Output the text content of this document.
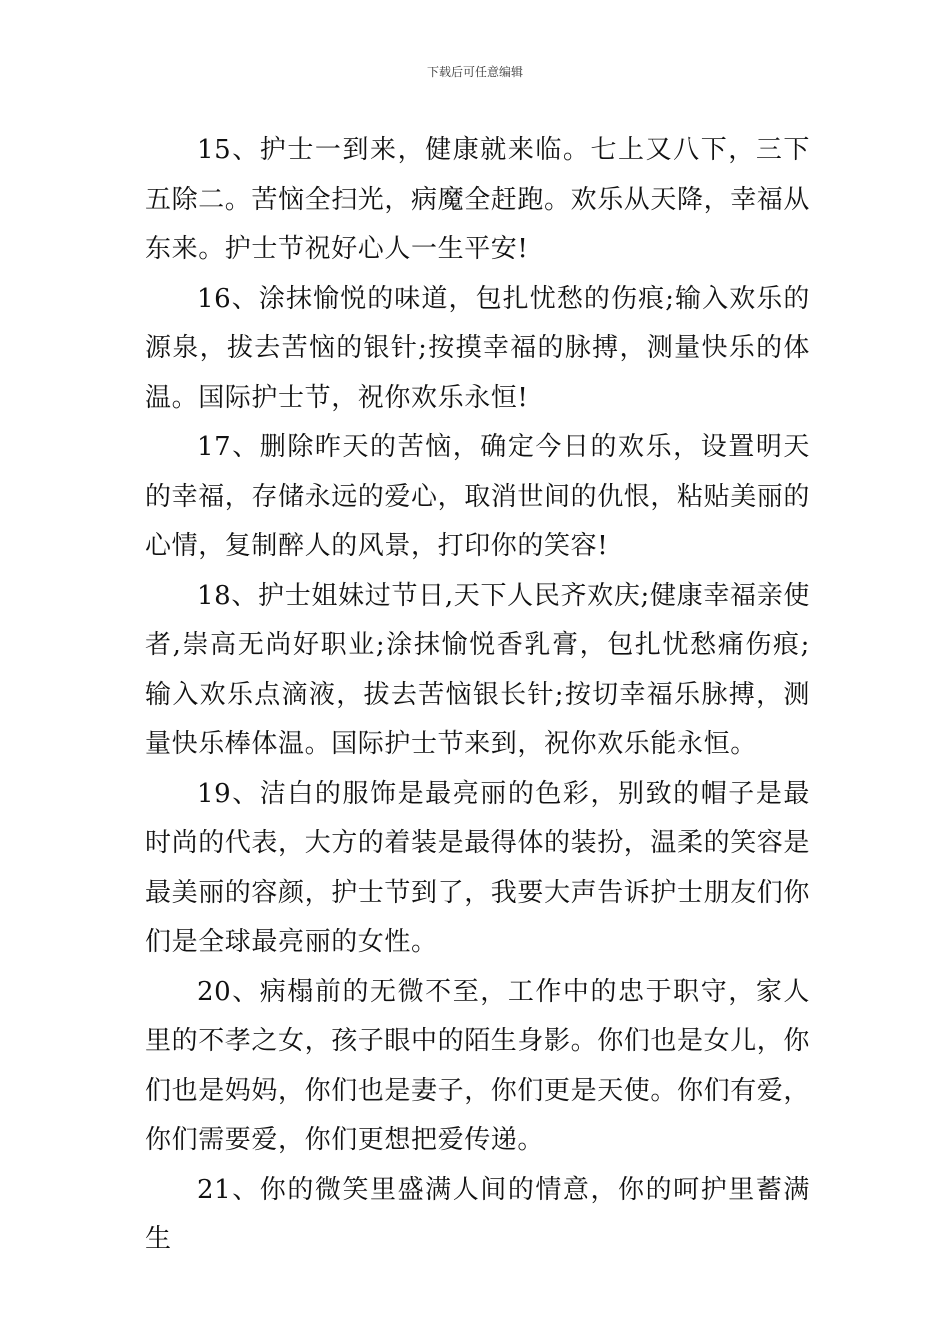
下载后可任意编辑

15、护士一到来，健康就来临。七上又八下，三下五除二。苦恼全扫光，病魔全赶跑。欢乐从天降，幸福从东来。护士节祝好心人一生平安!

16、涂抹愉悦的味道，包扎忧愁的伤痕;输入欢乐的源泉，拔去苦恼的银针;按摸幸福的脉搏，测量快乐的体温。国际护士节，祝你欢乐永恒!

17、删除昨天的苦恼，确定今日的欢乐，设置明天的幸福，存储永远的爱心，取消世间的仇恨，粘贴美丽的心情，复制醉人的风景，打印你的笑容!

18、护士姐妹过节日,天下人民齐欢庆;健康幸福亲使者,崇高无尚好职业;涂抹愉悦香乳膏，包扎忧愁痛伤痕;输入欢乐点滴液，拔去苦恼银长针;按切幸福乐脉搏，测量快乐棒体温。国际护士节来到，祝你欢乐能永恒。

19、洁白的服饰是最亮丽的色彩，别致的帽子是最时尚的代表，大方的着装是最得体的装扮，温柔的笑容是最美丽的容颜，护士节到了，我要大声告诉护士朋友们你们是全球最亮丽的女性。

20、病榻前的无微不至，工作中的忠于职守，家人里的不孝之女，孩子眼中的陌生身影。你们也是女儿，你们也是妈妈，你们也是妻子，你们更是天使。你们有爱，你们需要爱，你们更想把爱传递。

21、你的微笑里盛满人间的情意，你的呵护里蓄满生
